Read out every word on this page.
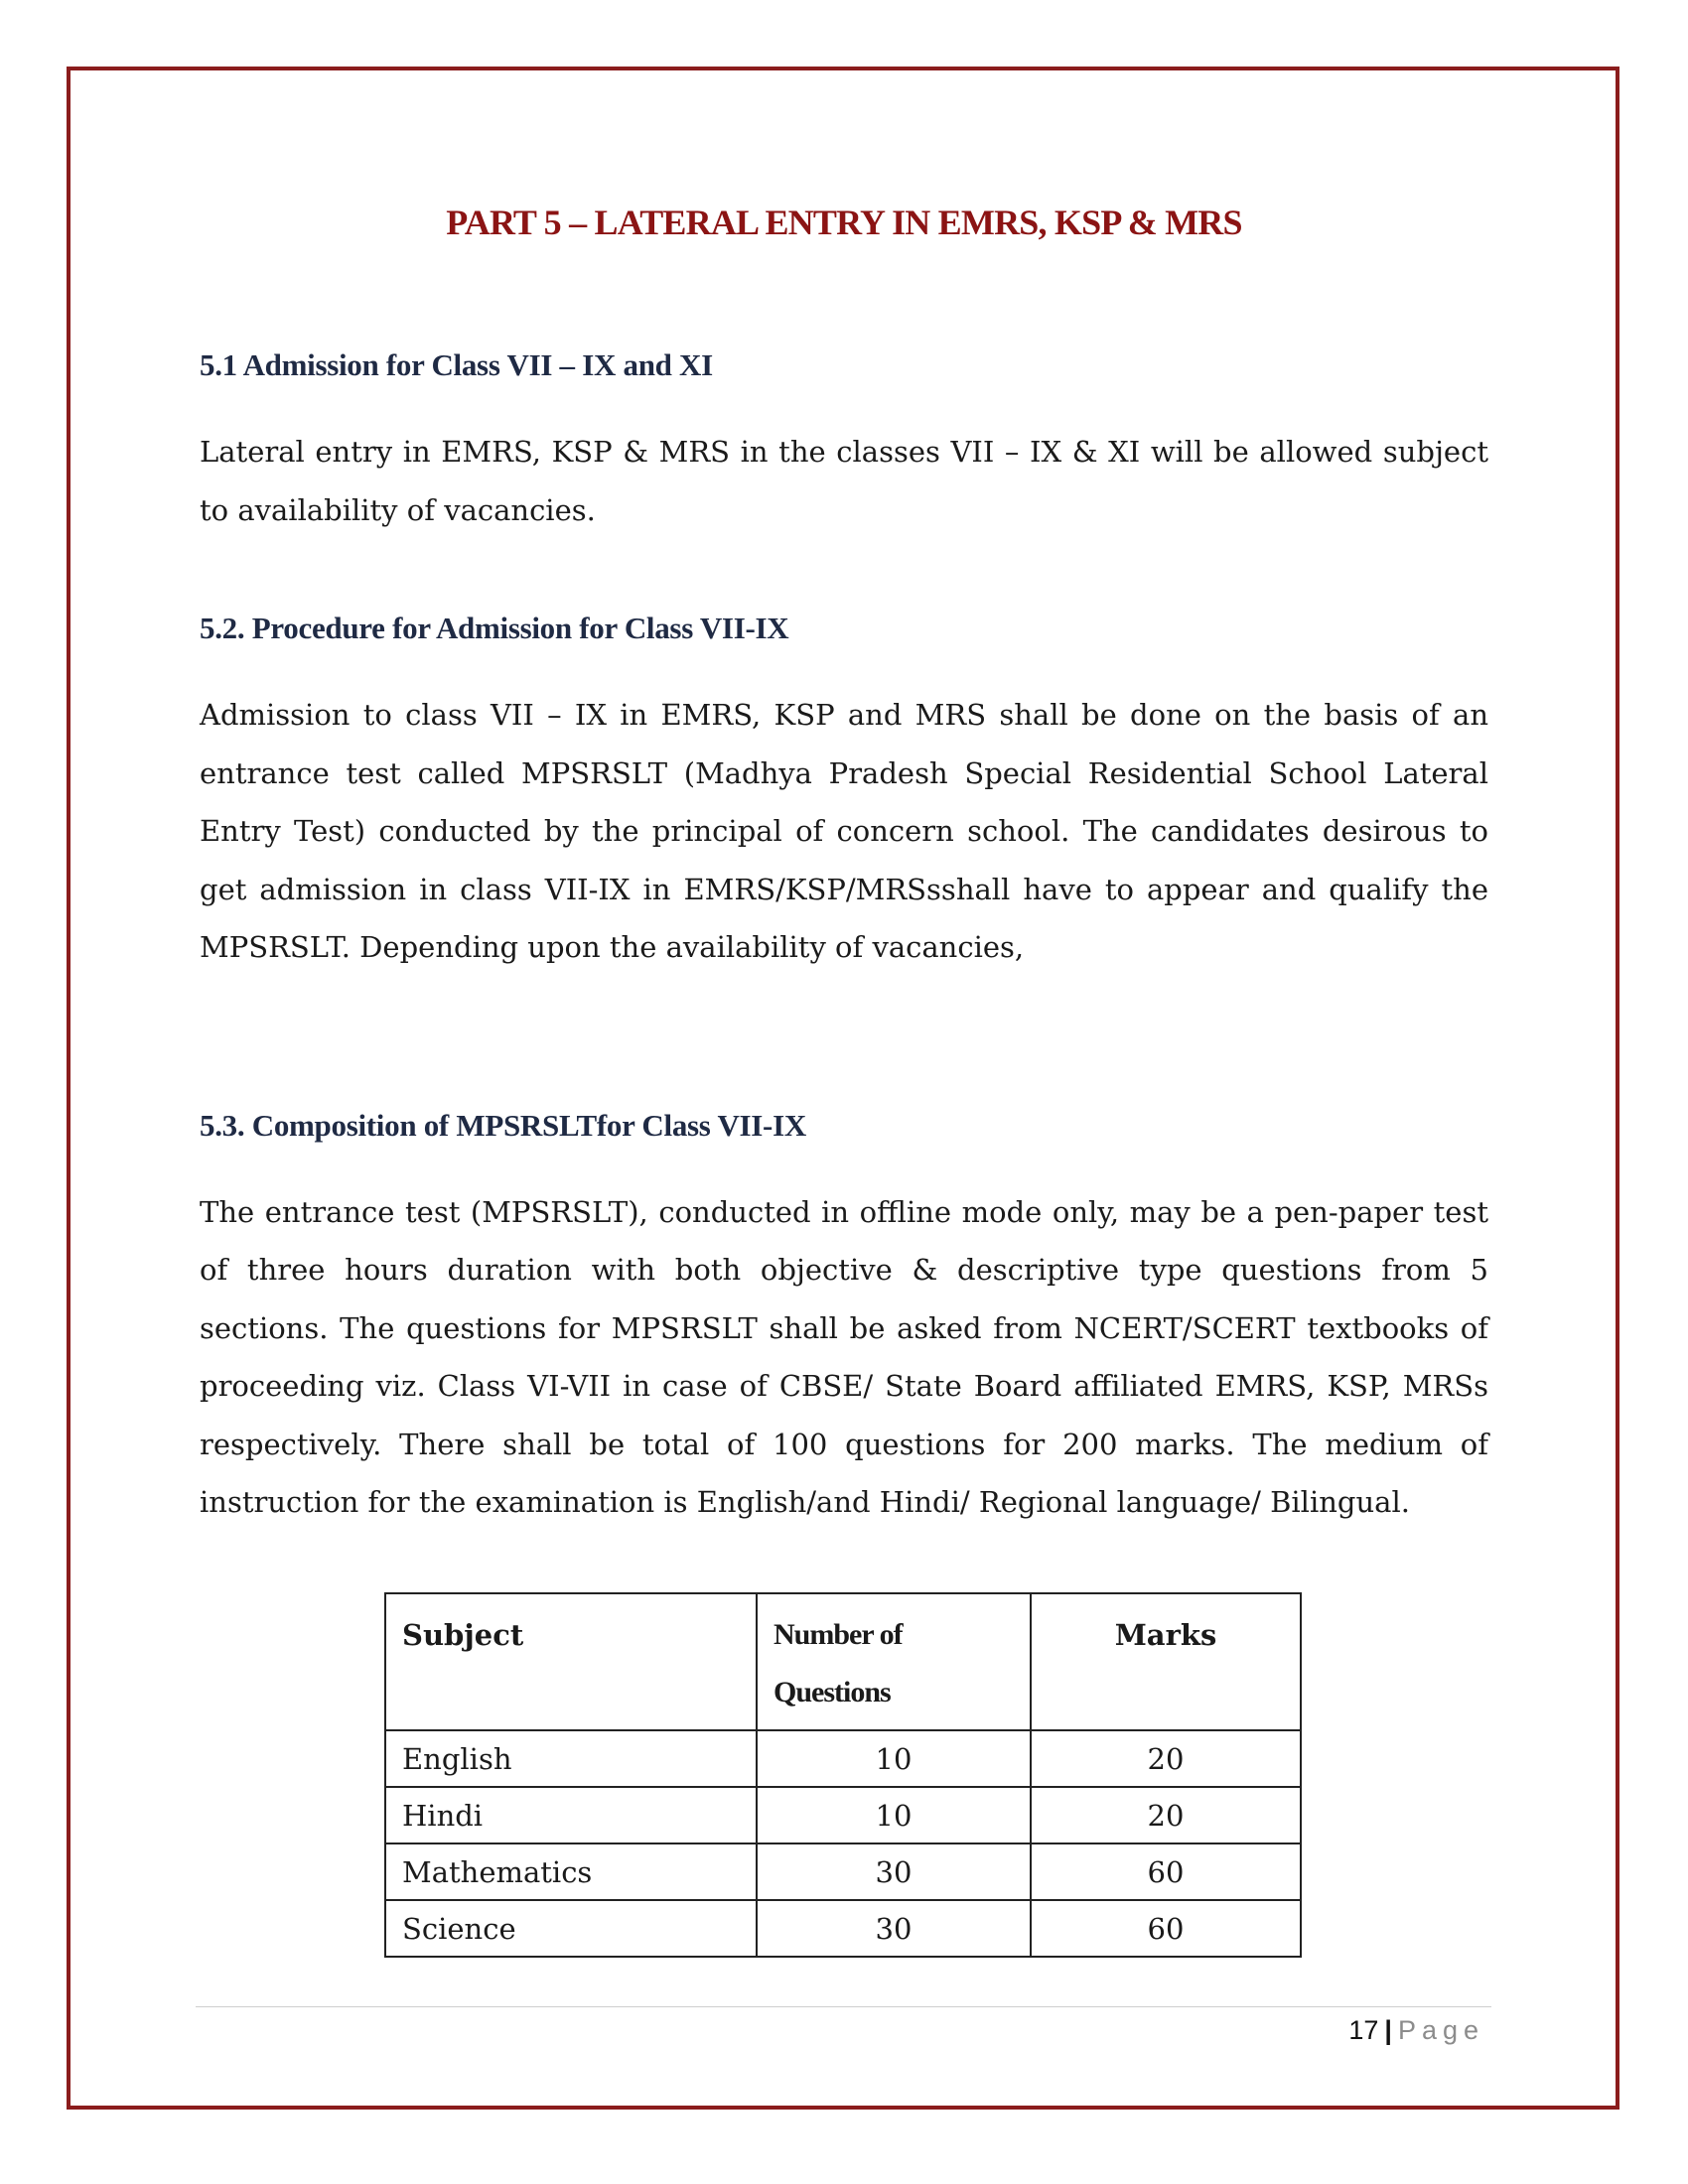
PART 5 – LATERAL ENTRY IN EMRS, KSP & MRS
5.1 Admission for Class VII – IX and XI

Lateral entry in EMRS, KSP & MRS in the classes VII – IX & XI will be allowed subject to availability of vacancies.

5.2. Procedure for Admission for Class VII-IX

Admission to class VII – IX in EMRS, KSP and MRS shall be done on the basis of an entrance test called MPSRSLT (Madhya Pradesh Special Residential School Lateral Entry Test) conducted by the principal of concern school. The candidates desirous to get admission in class VII-IX in EMRS/KSP/MRSsshall have to appear and qualify the MPSRSLT. Depending upon the availability of vacancies,

5.3. Composition of MPSRSLTfor Class VII-IX

The entrance test (MPSRSLT), conducted in offline mode only, may be a pen-paper test of three hours duration with both objective & descriptive type questions from 5 sections. The questions for MPSRSLT shall be asked from NCERT/SCERT textbooks of proceeding viz. Class VI-VII in case of CBSE/ State Board affiliated EMRS, KSP, MRSs respectively. There shall be total of 100 questions for 200 marks. The medium of instruction for the examination is English/and Hindi/ Regional language/ Bilingual.

Subject	Number of Questions	Marks
English	10	20
Hindi	10	20
Mathematics	30	60
Science	30	60
17 | Page
